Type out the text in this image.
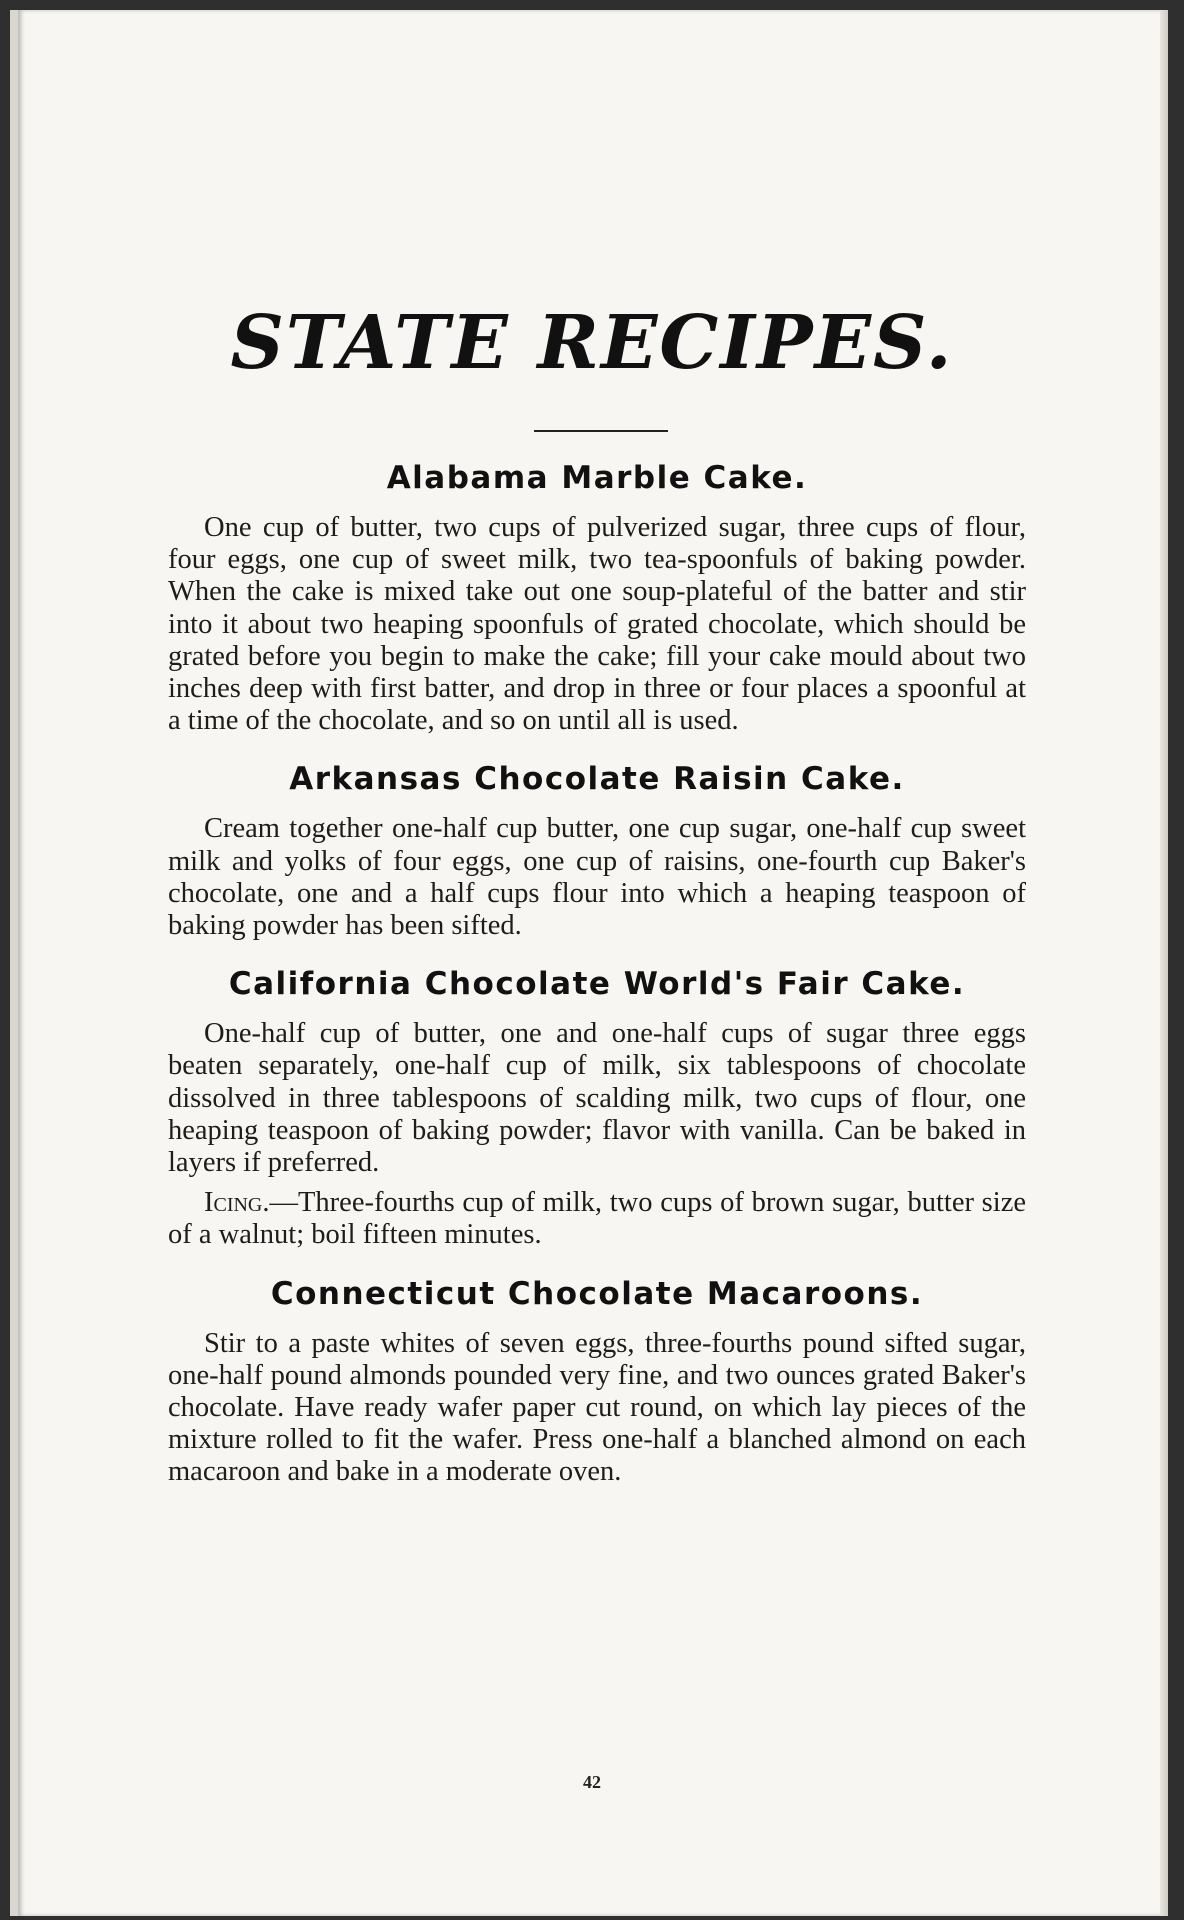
STATE RECIPES.
Alabama Marble Cake.

One cup of butter, two cups of pulverized sugar, three cups of flour, four eggs, one cup of sweet milk, two tea-spoonfuls of baking powder. When the cake is mixed take out one soup-plateful of the batter and stir into it about two heaping spoonfuls of grated chocolate, which should be grated before you begin to make the cake; fill your cake mould about two inches deep with first batter, and drop in three or four places a spoonful at a time of the chocolate, and so on until all is used.

Arkansas Chocolate Raisin Cake.

Cream together one-half cup butter, one cup sugar, one-half cup sweet milk and yolks of four eggs, one cup of raisins, one-fourth cup Baker's chocolate, one and a half cups flour into which a heaping teaspoon of baking powder has been sifted.

California Chocolate World's Fair Cake.

One-half cup of butter, one and one-half cups of sugar three eggs beaten separately, one-half cup of milk, six tablespoons of chocolate dissolved in three tablespoons of scalding milk, two cups of flour, one heaping teaspoon of baking powder; flavor with vanilla. Can be baked in layers if preferred.

Icing.—Three-fourths cup of milk, two cups of brown sugar, butter size of a walnut; boil fifteen minutes.

Connecticut Chocolate Macaroons.

Stir to a paste whites of seven eggs, three-fourths pound sifted sugar, one-half pound almonds pounded very fine, and two ounces grated Baker's chocolate. Have ready wafer paper cut round, on which lay pieces of the mixture rolled to fit the wafer. Press one-half a blanched almond on each macaroon and bake in a moderate oven.

42
